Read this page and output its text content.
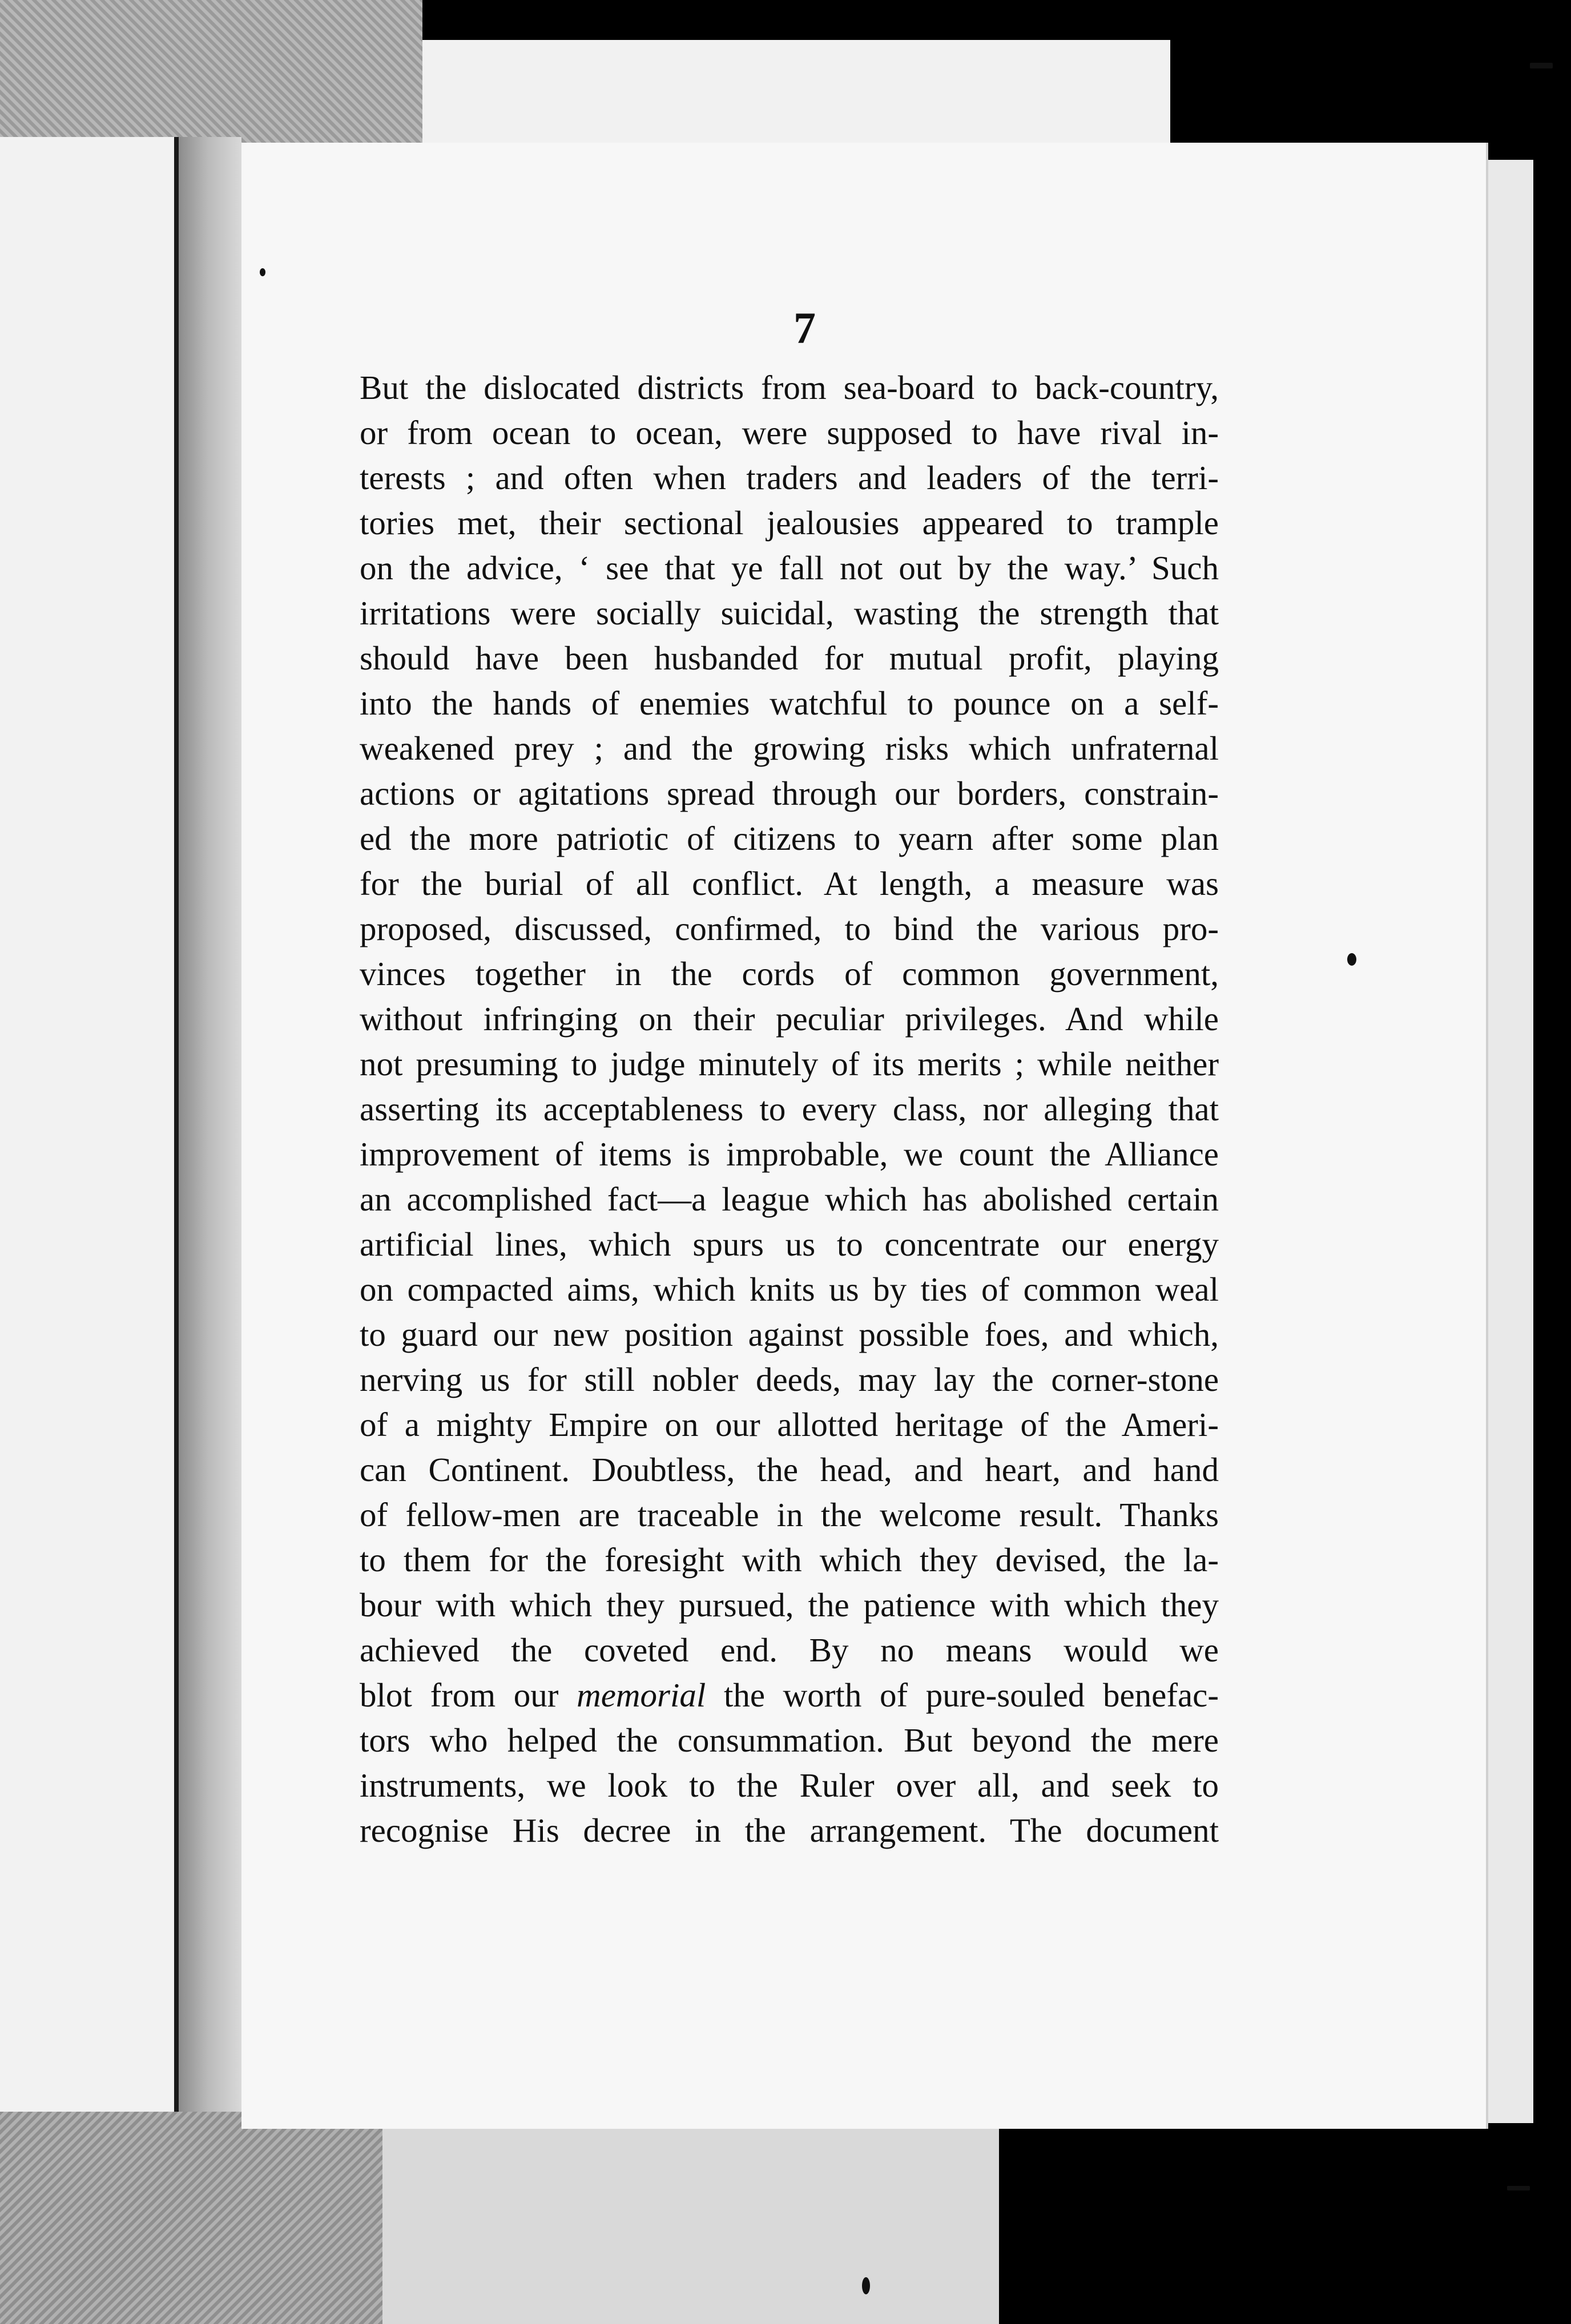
7
But the dislocated districts from sea-board to back-country,
or from ocean to ocean, were supposed to have rival in-
terests ; and often when traders and leaders of the terri-
tories met, their sectional jealousies appeared to trample
on the advice, ‘ see that ye fall not out by the way.’ Such
irritations were socially suicidal, wasting the strength that
should have been husbanded for mutual profit, playing
into the hands of enemies watchful to pounce on a self-
weakened prey ; and the growing risks which unfraternal
actions or agitations spread through our borders, constrain-
ed the more patriotic of citizens to yearn after some plan
for the burial of all conflict. At length, a measure was
proposed, discussed, confirmed, to bind the various pro-
vinces together in the cords of common government,
without infringing on their peculiar privileges. And while
not presuming to judge minutely of its merits ; while neither
asserting its acceptableness to every class, nor alleging that
improvement of items is improbable, we count the Alliance
an accomplished fact—a league which has abolished certain
artificial lines, which spurs us to concentrate our energy
on compacted aims, which knits us by ties of common weal
to guard our new position against possible foes, and which,
nerving us for still nobler deeds, may lay the corner-stone
of a mighty Empire on our allotted heritage of the Ameri-
can Continent. Doubtless, the head, and heart, and hand
of fellow-men are traceable in the welcome result. Thanks
to them for the foresight with which they devised, the la-
bour with which they pursued, the patience with which they
achieved the coveted end. By no means would we
blot from our memorial the worth of pure-souled benefac-
tors who helped the consummation. But beyond the mere
instruments, we look to the Ruler over all, and seek to
recognise His decree in the arrangement. The document
